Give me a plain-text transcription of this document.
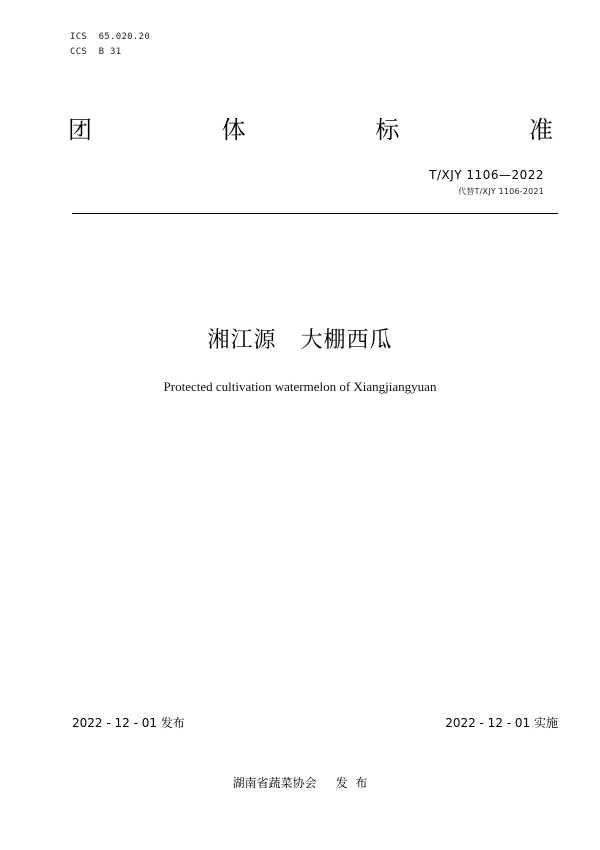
ICS  65.020.20
CCS  B 31
团	体	标	准
T/XJY 1106—2022
代替T/XJY 1106-2021
湘江源   大棚西瓜
Protected cultivation watermelon of Xiangjiangyuan
2022 - 12 - 01 发布	2022 - 12 - 01 实施
湖南省蔬菜协会     发  布
